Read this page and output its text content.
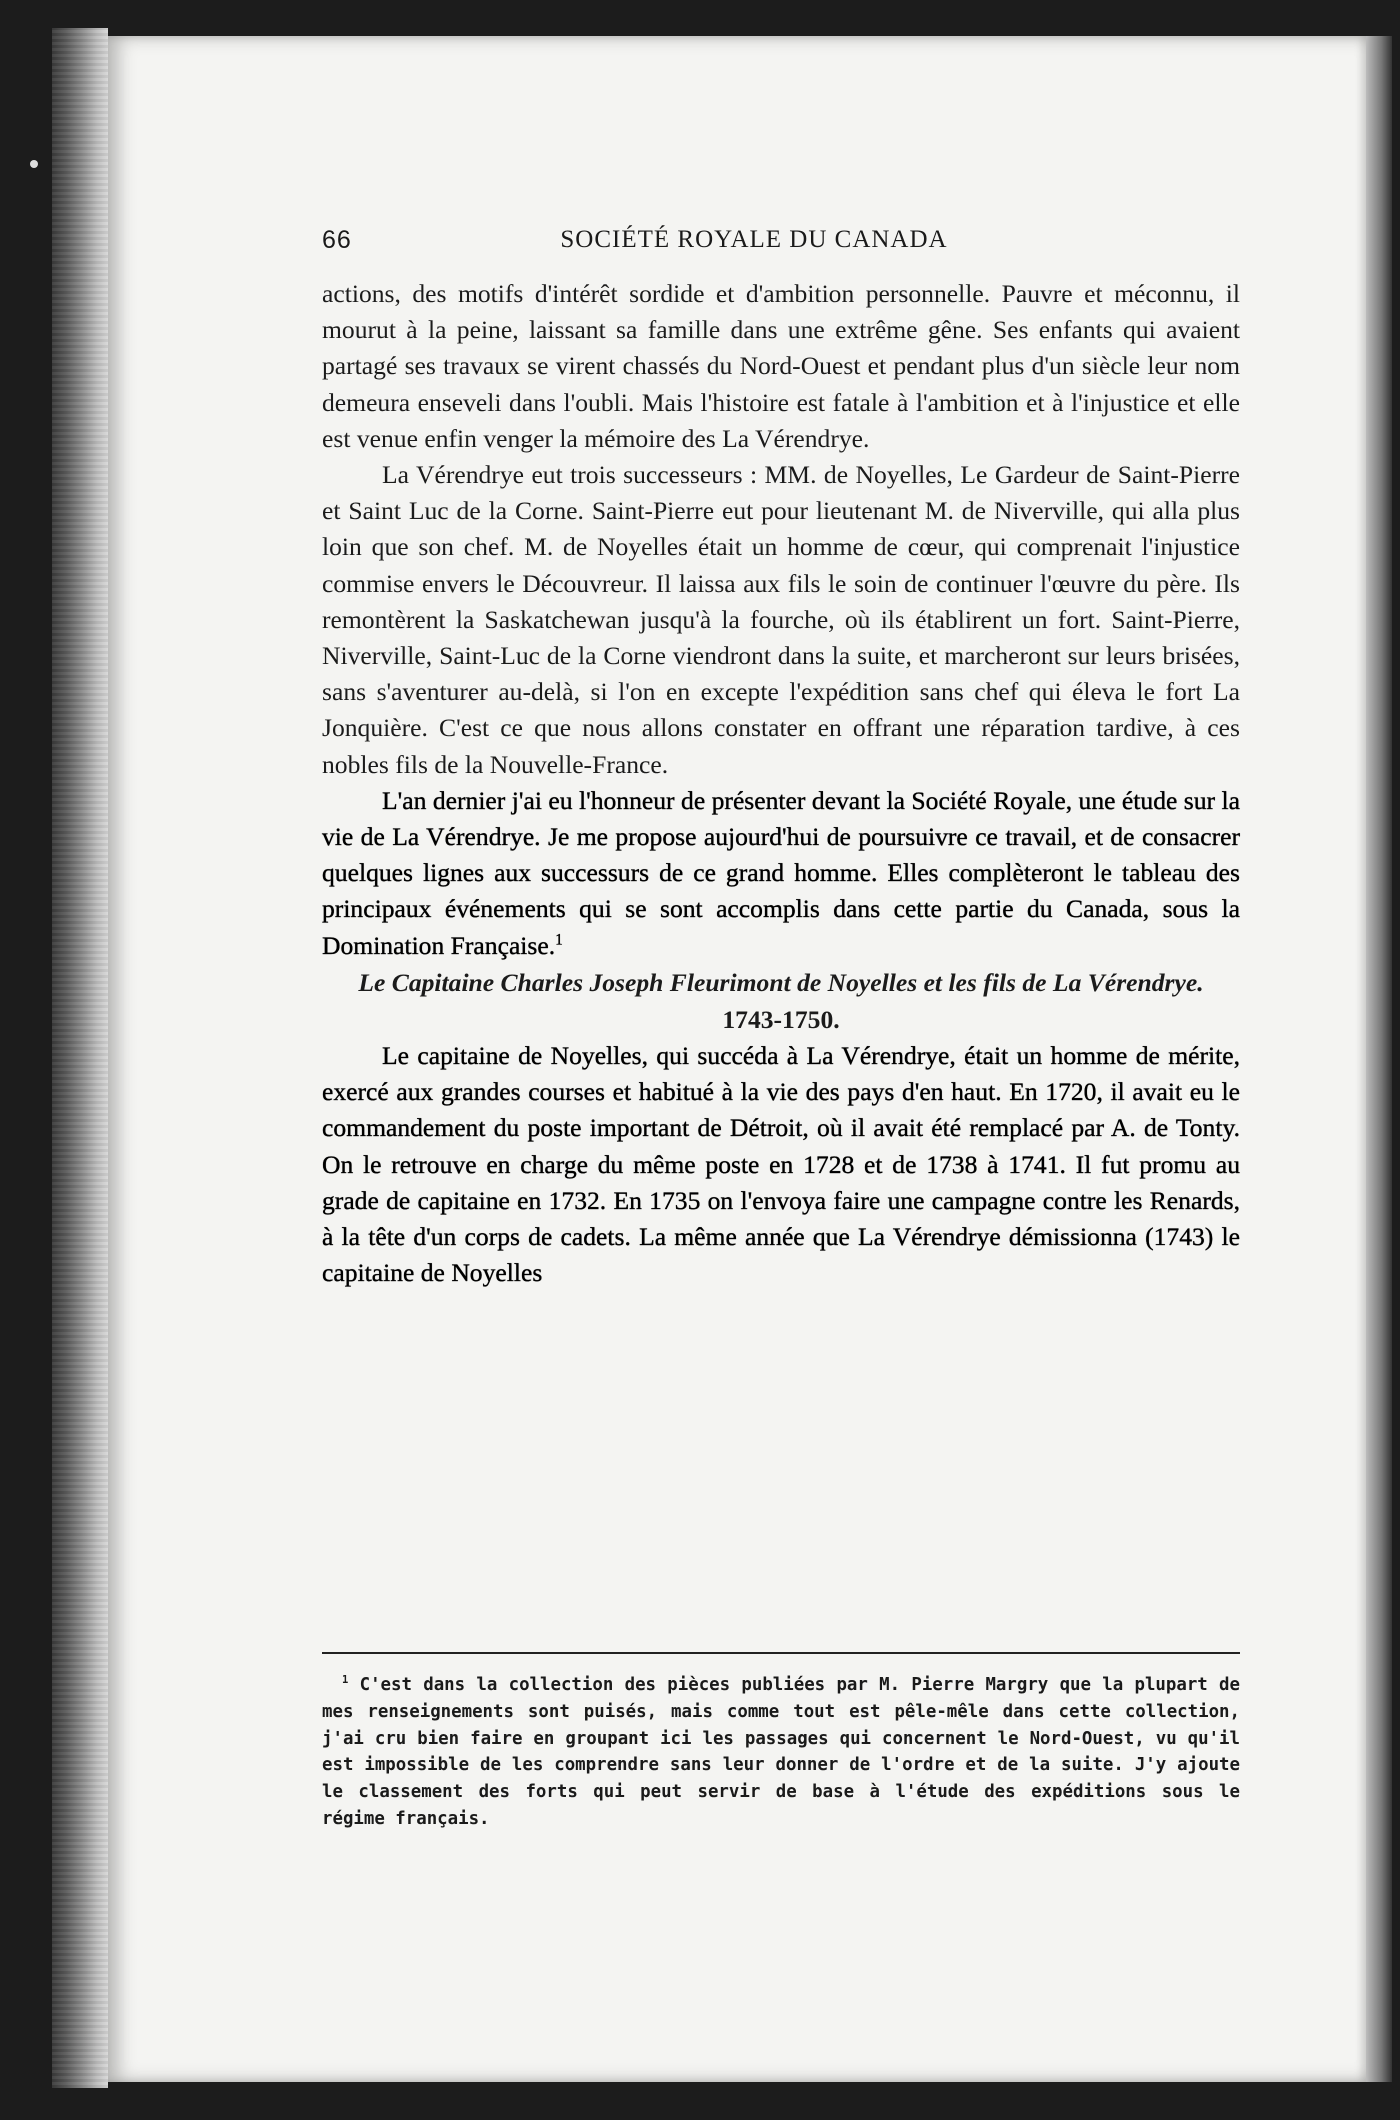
66	SOCIÉTÉ ROYALE DU CANADA

actions, des motifs d'intérêt sordide et d'ambition personnelle. Pauvre et méconnu, il mourut à la peine, laissant sa famille dans une extrême gêne. Ses enfants qui avaient partagé ses travaux se virent chassés du Nord-Ouest et pendant plus d'un siècle leur nom demeura enseveli dans l'oubli. Mais l'histoire est fatale à l'ambition et à l'injustice et elle est venue enfin venger la mémoire des La Vérendrye.

La Vérendrye eut trois successeurs : MM. de Noyelles, Le Gardeur de Saint-Pierre et Saint Luc de la Corne. Saint-Pierre eut pour lieutenant M. de Niverville, qui alla plus loin que son chef. M. de Noyelles était un homme de cœur, qui comprenait l'injustice commise envers le Découvreur. Il laissa aux fils le soin de continuer l'œuvre du père. Ils remontèrent la Saskatchewan jusqu'à la fourche, où ils établirent un fort. Saint-Pierre, Niverville, Saint-Luc de la Corne viendront dans la suite, et marcheront sur leurs brisées, sans s'aventurer au-delà, si l'on en excepte l'expédition sans chef qui éleva le fort La Jonquière. C'est ce que nous allons constater en offrant une réparation tardive, à ces nobles fils de la Nouvelle-France.

L'an dernier j'ai eu l'honneur de présenter devant la Société Royale, une étude sur la vie de La Vérendrye. Je me propose aujourd'hui de poursuivre ce travail, et de consacrer quelques lignes aux successurs de ce grand homme. Elles complèteront le tableau des principaux événements qui se sont accomplis dans cette partie du Canada, sous la Domination Française.$^1$

Le Capitaine Charles Joseph Fleurimont de Noyelles et les fils de La Vérendrye.

1743-1750.

Le capitaine de Noyelles, qui succéda à La Vérendrye, était un homme de mérite, exercé aux grandes courses et habitué à la vie des pays d'en haut. En 1720, il avait eu le commandement du poste important de Détroit, où il avait été remplacé par A. de Tonty. On le retrouve en charge du même poste en 1728 et de 1738 à 1741. Il fut promu au grade de capitaine en 1732. En 1735 on l'envoya faire une campagne contre les Renards, à la tête d'un corps de cadets. La même année que La Vérendrye démissionna (1743) le capitaine de Noyelles

$^1$ C'est dans la collection des pièces publiées par M. Pierre Margry que la plupart de mes renseignements sont puisés, mais comme tout est pêle-mêle dans cette collection, j'ai cru bien faire en groupant ici les passages qui concernent le Nord-Ouest, vu qu'il est impossible de les comprendre sans leur donner de l'ordre et de la suite. J'y ajoute le classement des forts qui peut servir de base à l'étude des expéditions sous le régime français.
